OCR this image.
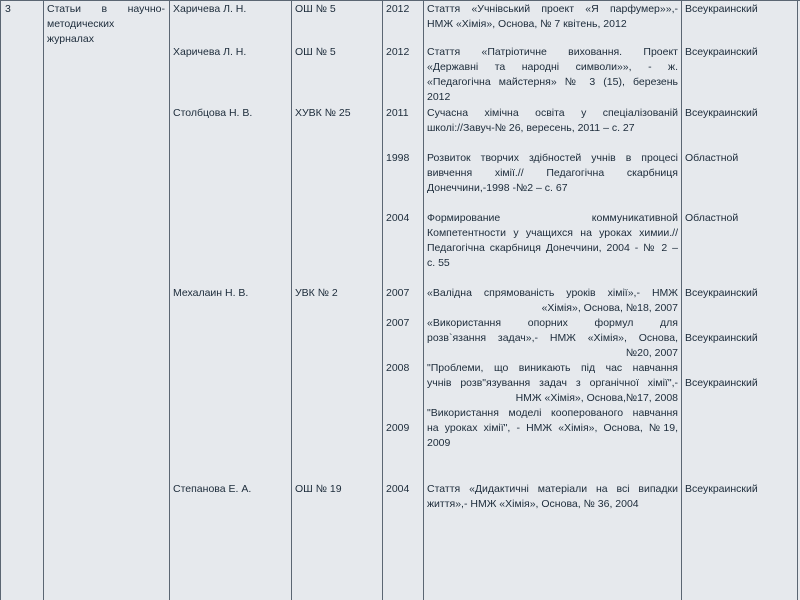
3	Статьи в научно-
методических
журналах
Харичева Л. Н.
Харичева Л. Н.
Столбцова Н. В.
Мехалаин Н. В.
Степанова Е. А.
ОШ № 5
ОШ № 5
ХУВК № 25
УВК № 2
ОШ № 19
2012
2012
2011
1998
2004
2007
2007
2008
2009
2004
Стаття «Учнівський проект «Я парфумер»»,-
НМЖ «Хімія», Основа, № 7 квітень, 2012
Стаття «Патріотичне виховання. Проект
«Державні та народні символи»», - ж.
«Педагогічна майстерня» № 3 (15), березень
2012
Сучасна хімічна освіта у спеціалізованій
школі://Завуч-№ 26, вересень, 2011 – с. 27
Розвиток творчих здібностей учнів в процесі
вивчення хімії.// Педагогічна скарбниця
Донеччини,-1998 -№2 – с. 67
Формирование коммуникативной
Компетентности у учащихся на уроках химии.//
Педагогічна скарбниця Донеччини, 2004 - № 2 –
с. 55
«Валідна спрямованість уроків хімії»,- НМЖ
«Хімія», Основа, №18, 2007
«Використання опорних формул для
розв`язання задач»,- НМЖ «Хімія», Основа,
№20, 2007
"Проблеми, що виникають під час навчання
учнів розв"язування задач з органічної хімії",-
НМЖ «Хімія», Основа,№17, 2008
"Використання моделі кооперованого навчання
на уроках хімії", - НМЖ «Хімія», Основа, №19,
2009
Стаття «Дидактичні матеріали на всі випадки
життя»,- НМЖ «Хімія», Основа, № 36, 2004
Всеукраинский
Всеукраинский
Всеукраинский
Областной
Областной
Всеукраинский
Всеукраинский
Всеукраинский
Всеукраинский
